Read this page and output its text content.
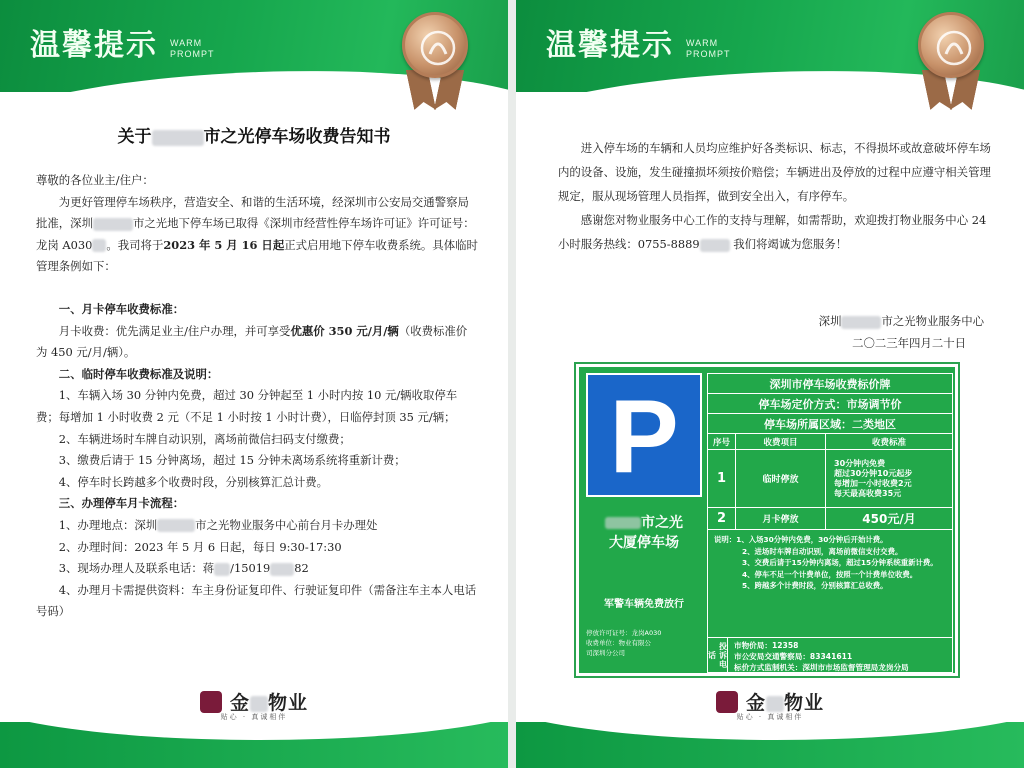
温馨提示 WARM
PROMPT
关于	市之光停车场收费告知书

尊敬的各位业主/住户：

为更好管理停车场秩序，营造安全、和谐的生活环境，经深圳市公安局交通警察局批准，深圳	市之光地下停车场已取得《深圳市经营性停车场许可证》许可证号：龙岗 A030 。我司将于2023 年 5 月 16 日起正式启用地下停车收费系统。具体临时管理条例如下：

一、月卡停车收费标准：

月卡收费：优先满足业主/住户办理，并可享受优惠价 350 元/月/辆（收费标准价为 450 元/月/辆）。

二、临时停车收费标准及说明：

1、车辆入场 30 分钟内免费，超过 30 分钟起至 1 小时内按 10 元/辆收取停车费；每增加 1 小时收费 2 元（不足 1 小时按 1 小时计费），日临停封顶 35 元/辆；

2、车辆进场时车牌自动识别，离场前微信扫码支付缴费；

3、缴费后请于 15 分钟离场，超过 15 分钟未离场系统将重新计费；

4、停车时长跨越多个收费时段，分别核算汇总计费。

三、办理停车月卡流程：

1、办理地点：深圳	市之光物业服务中心前台月卡办理处

2、办理时间：2023 年 5 月 6 日起，每日 9:30-17:30

3、现场办理人及联系电话：蒋 /15019 82

4、办理月卡需提供资料：车主身份证复印件、行驶证复印件（需备注车主本人电话号码）

金 物业
贴心 · 真诚相伴
温馨提示 WARM
PROMPT

进入停车场的车辆和人员均应维护好各类标识、标志，不得损坏或故意破坏停车场内的设备、设施，发生碰撞损坏须按价赔偿；车辆进出及停放的过程中应遵守相关管理规定，服从现场管理人员指挥，做到安全出入，有序停车。

感谢您对物业服务中心工作的支持与理解，如需帮助，欢迎拨打物业服务中心 24 小时服务热线：0755-8889	我们将竭诚为您服务！

深圳	市之光物业服务中心
二〇二三年四月二十日
P
市之光
大厦停车场
军警车辆免费放行
停放许可证号：龙岗A030
收费单位：物业有限公
司深圳分公司
深圳市停车场收费标价牌
停车场定价方式：市场调节价
停车场所属区域：二类地区
序号	收费项目	收费标准
1	临时停放
30分钟内免费
超过30分钟10元起步
每增加一小时收费2元
每天最高收费35元
2	月卡停放	450元/月
说明：1、入场30分钟内免费，30分钟后开始计费。
2、进场时车牌自动识别，离场前微信支付交费。
3、交费后请于15分钟内离场，超过15分钟系统重新计费。
4、停车不足一个计费单位，按照一个计费单位收费。
5、跨越多个计费时段，分别核算汇总收费。
投诉电话
市物价局：12358
市公安局交通警察局：83341611
标价方式监制机关：深圳市市场监督管理局龙岗分局
金 物业
贴心 · 真诚相伴
